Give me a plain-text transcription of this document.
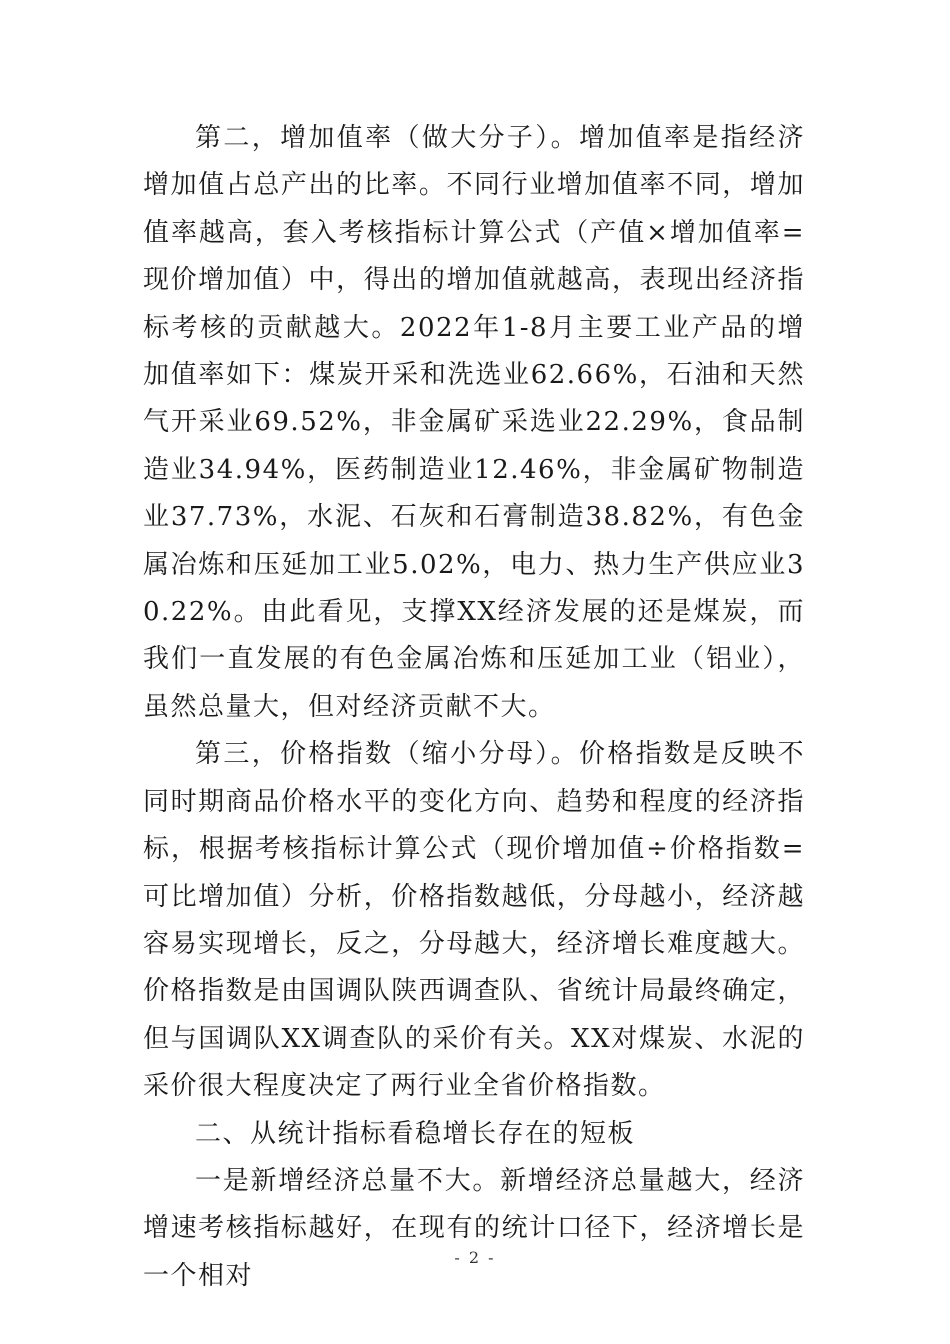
第二，增加值率（做大分子）。增加值率是指经济增加值占总产出的比率。不同行业增加值率不同，增加值率越高，套入考核指标计算公式（产值×增加值率=现价增加值）中，得出的增加值就越高，表现出经济指标考核的贡献越大。2022年1-8月主要工业产品的增加值率如下：煤炭开采和洗选业62.66%，石油和天然气开采业69.52%，非金属矿采选业22.29%，食品制造业34.94%，医药制造业12.46%，非金属矿物制造业37.73%，水泥、石灰和石膏制造38.82%，有色金属冶炼和压延加工业5.02%，电力、热力生产供应业30.22%。由此看见，支撑XX经济发展的还是煤炭，而我们一直发展的有色金属冶炼和压延加工业（铝业），虽然总量大，但对经济贡献不大。

第三，价格指数（缩小分母）。价格指数是反映不同时期商品价格水平的变化方向、趋势和程度的经济指标，根据考核指标计算公式（现价增加值÷价格指数=可比增加值）分析，价格指数越低，分母越小，经济越容易实现增长，反之，分母越大，经济增长难度越大。价格指数是由国调队陕西调查队、省统计局最终确定，但与国调队XX调查队的采价有关。XX对煤炭、水泥的采价很大程度决定了两行业全省价格指数。

二、从统计指标看稳增长存在的短板

一是新增经济总量不大。新增经济总量越大，经济增速考核指标越好，在现有的统计口径下，经济增长是一个相对

- 2 -
